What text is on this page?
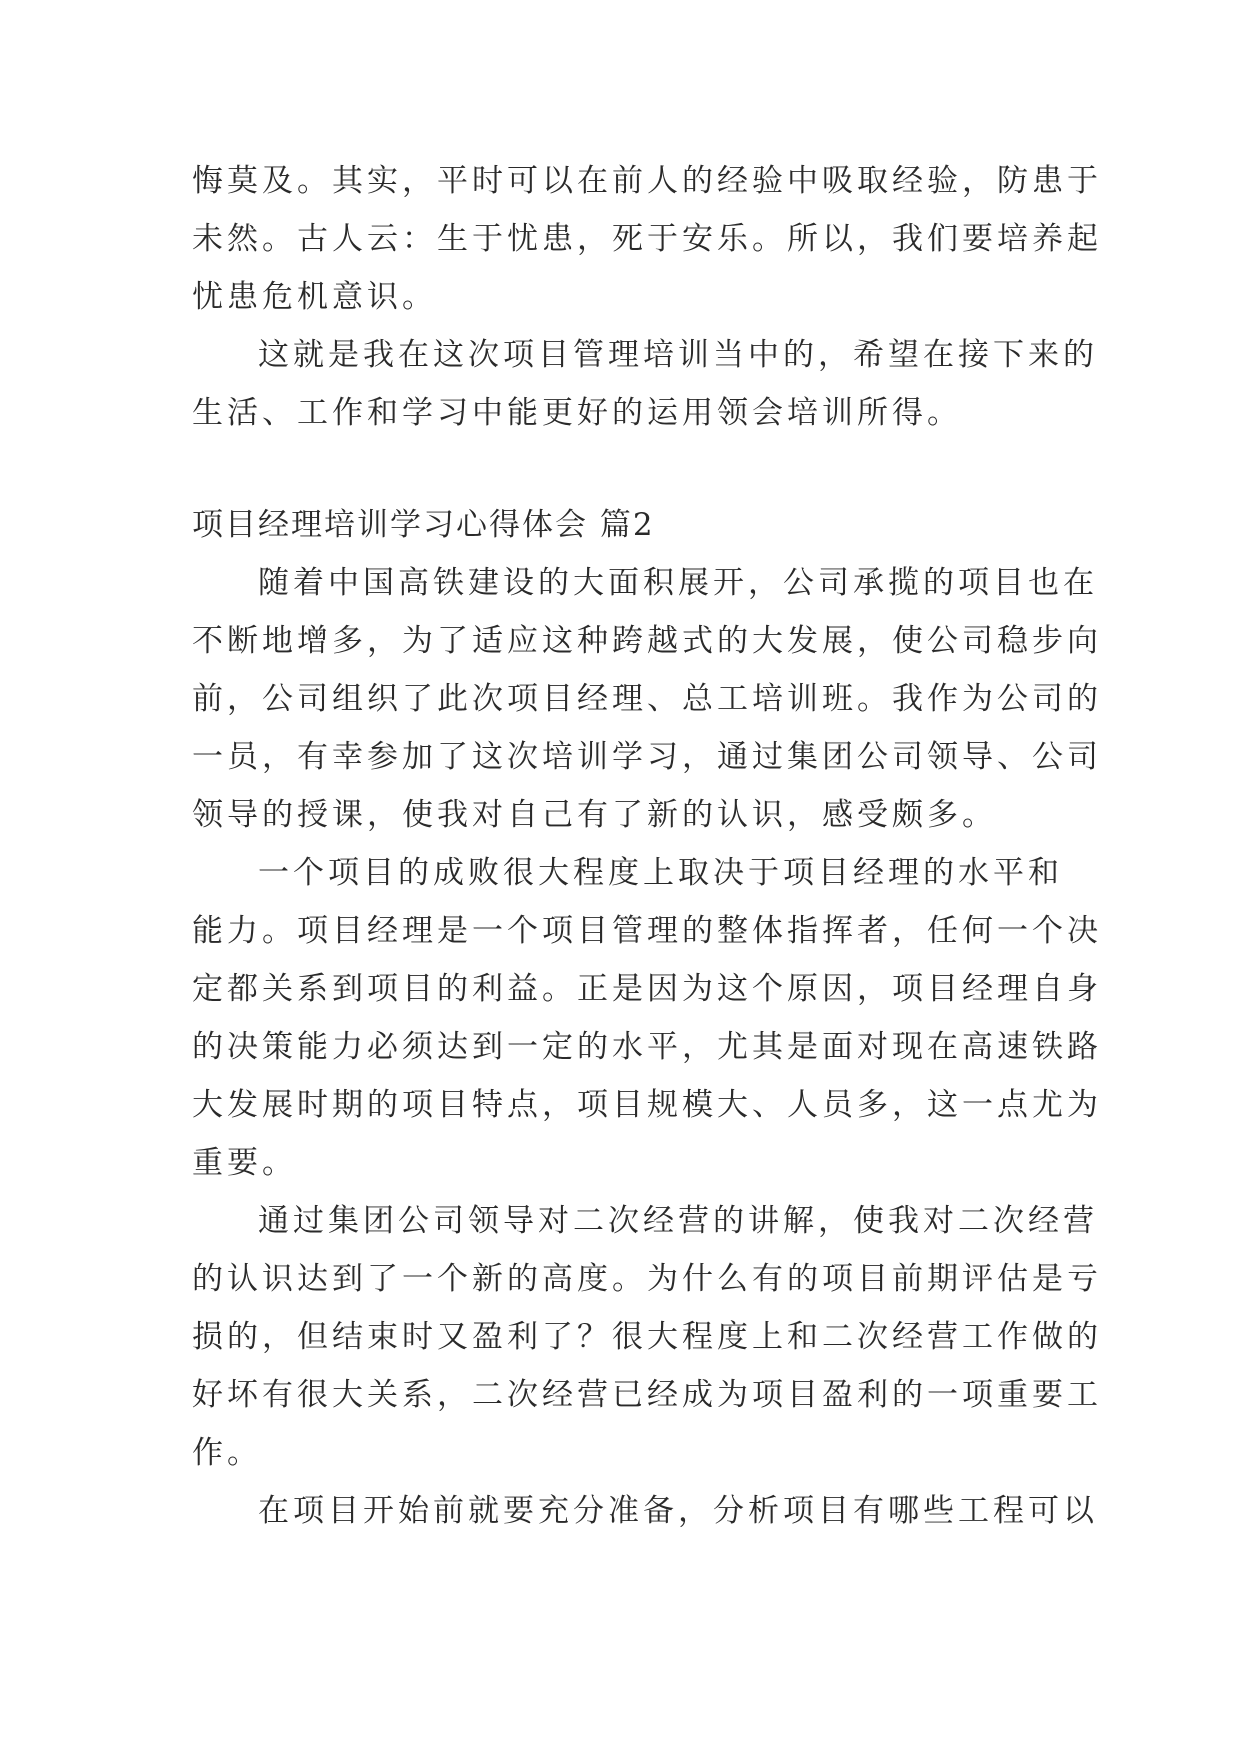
悔莫及。其实，平时可以在前人的经验中吸取经验，防患于
未然。古人云：生于忧患，死于安乐。所以，我们要培养起
忧患危机意识。
这就是我在这次项目管理培训当中的，希望在接下来的
生活、工作和学习中能更好的运用领会培训所得。
项目经理培训学习心得体会 篇2
随着中国高铁建设的大面积展开，公司承揽的项目也在
不断地增多，为了适应这种跨越式的大发展，使公司稳步向
前，公司组织了此次项目经理、总工培训班。我作为公司的
一员，有幸参加了这次培训学习，通过集团公司领导、公司
领导的授课，使我对自己有了新的认识，感受颇多。
一个项目的成败很大程度上取决于项目经理的水平和
能力。项目经理是一个项目管理的整体指挥者，任何一个决
定都关系到项目的利益。正是因为这个原因，项目经理自身
的决策能力必须达到一定的水平，尤其是面对现在高速铁路
大发展时期的项目特点，项目规模大、人员多，这一点尤为
重要。
通过集团公司领导对二次经营的讲解，使我对二次经营
的认识达到了一个新的高度。为什么有的项目前期评估是亏
损的，但结束时又盈利了？很大程度上和二次经营工作做的
好坏有很大关系，二次经营已经成为项目盈利的一项重要工
作。
在项目开始前就要充分准备，分析项目有哪些工程可以
